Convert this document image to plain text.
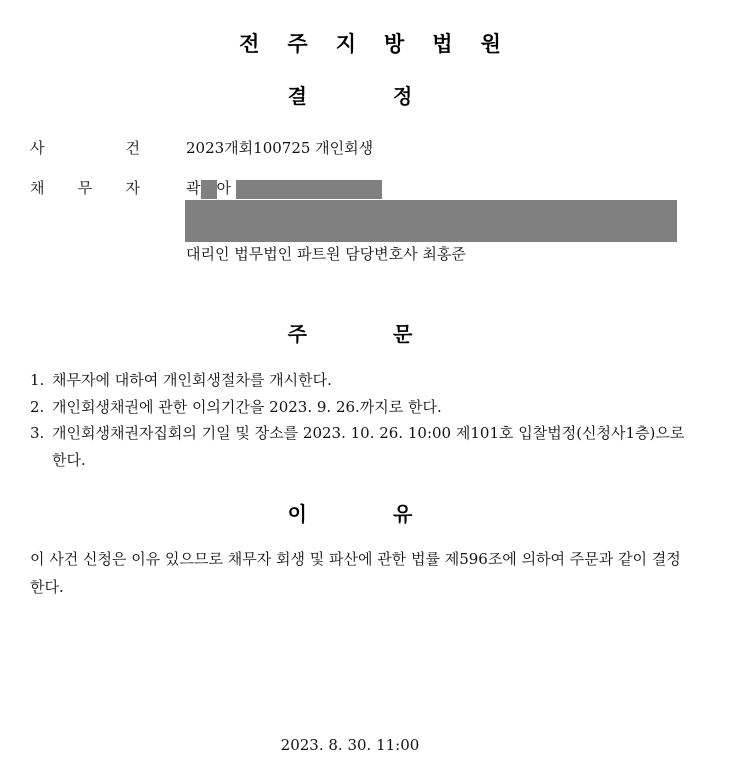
전주지방법원
결정
사	건	2023개회100725 개인회생
채 무 자	곽 아
대리인 법무법인 파트원 담당변호사 최홍준
주문
1. 채무자에 대하여 개인회생절차를 개시한다.
2. 개인회생채권에 관한 이의기간을 2023. 9. 26.까지로 한다.
3. 개인회생채권자집회의 기일 및 장소를 2023. 10. 26. 10:00 제101호 입찰법정(신청사1층)으로 한다.
이유
이 사건 신청은 이유 있으므로 채무자 회생 및 파산에 관한 법률 제596조에 의하여 주문과 같이 결정한다.
2023. 8. 30. 11:00
